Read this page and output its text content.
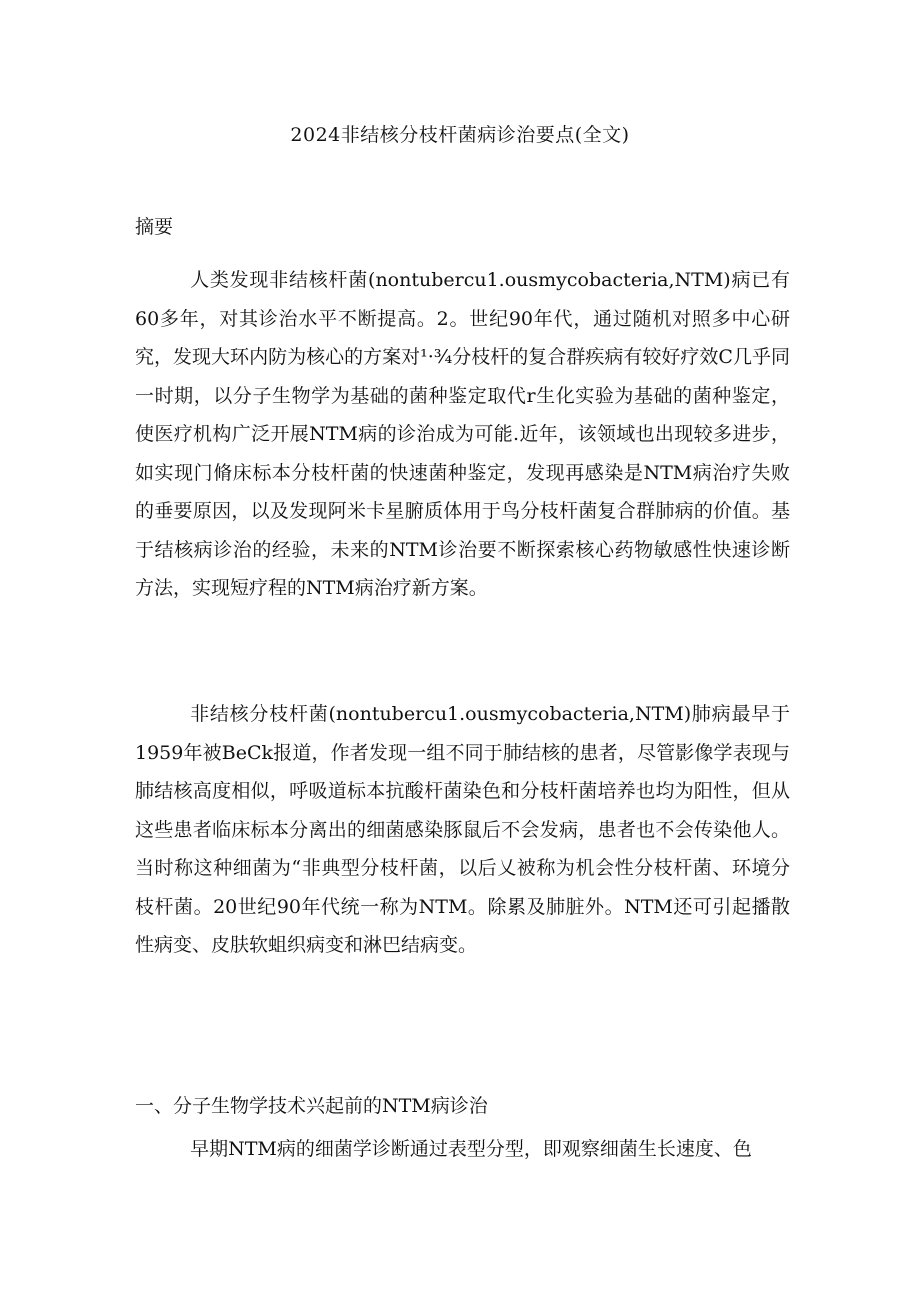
2024非结核分枝杆菌病诊治要点(全文)
摘要

人类发现非结核杆菌(nontubercu1.ousmycobacteria,NTM)病已有60多年，对其诊治水平不断提高。2。世纪90年代，通过随机对照多中心研究，发现大环内防为核心的方案对¹·¾分枝杆的复合群疾病有较好疗效C几乎同一时期，以分子生物学为基础的菌种鉴定取代r生化实验为基础的菌种鉴定，使医疗机构广泛开展NTM病的诊治成为可能.近年，该领域也出现较多进步，如实现门脩床标本分枝杆菌的快速菌种鉴定，发现再感染是NTM病治疗失败的垂要原因，以及发现阿米卡星腑质体用于鸟分枝杆菌复合群肺病的价值。基于结核病诊治的经验，未来的NTM诊治要不断探索核心药物敏感性快速诊断方法，实现短疗程的NTM病治疗新方案。

非结核分枝杆菌(nontubercu1.ousmycobacteria,NTM)肺病最早于1959年被BeCk报道，作者发现一组不同于肺结核的患者，尽管影像学表现与肺结核高度相似，呼吸道标本抗酸杆菌染色和分枝杆菌培养也均为阳性，但从这些患者临床标本分离出的细菌感染豚鼠后不会发病，患者也不会传染他人。当时称这种细菌为“非典型分枝杆菌，以后乂被称为机会性分枝杆菌、环境分枝杆菌。20世纪90年代统一称为NTM。除累及肺脏外。NTM还可引起播散性病变、皮肤软蛆织病变和淋巴结病变。

一、分子生物学技术兴起前的NTM病诊治

早期NTM病的细菌学诊断通过表型分型，即观察细菌生长速度、色
